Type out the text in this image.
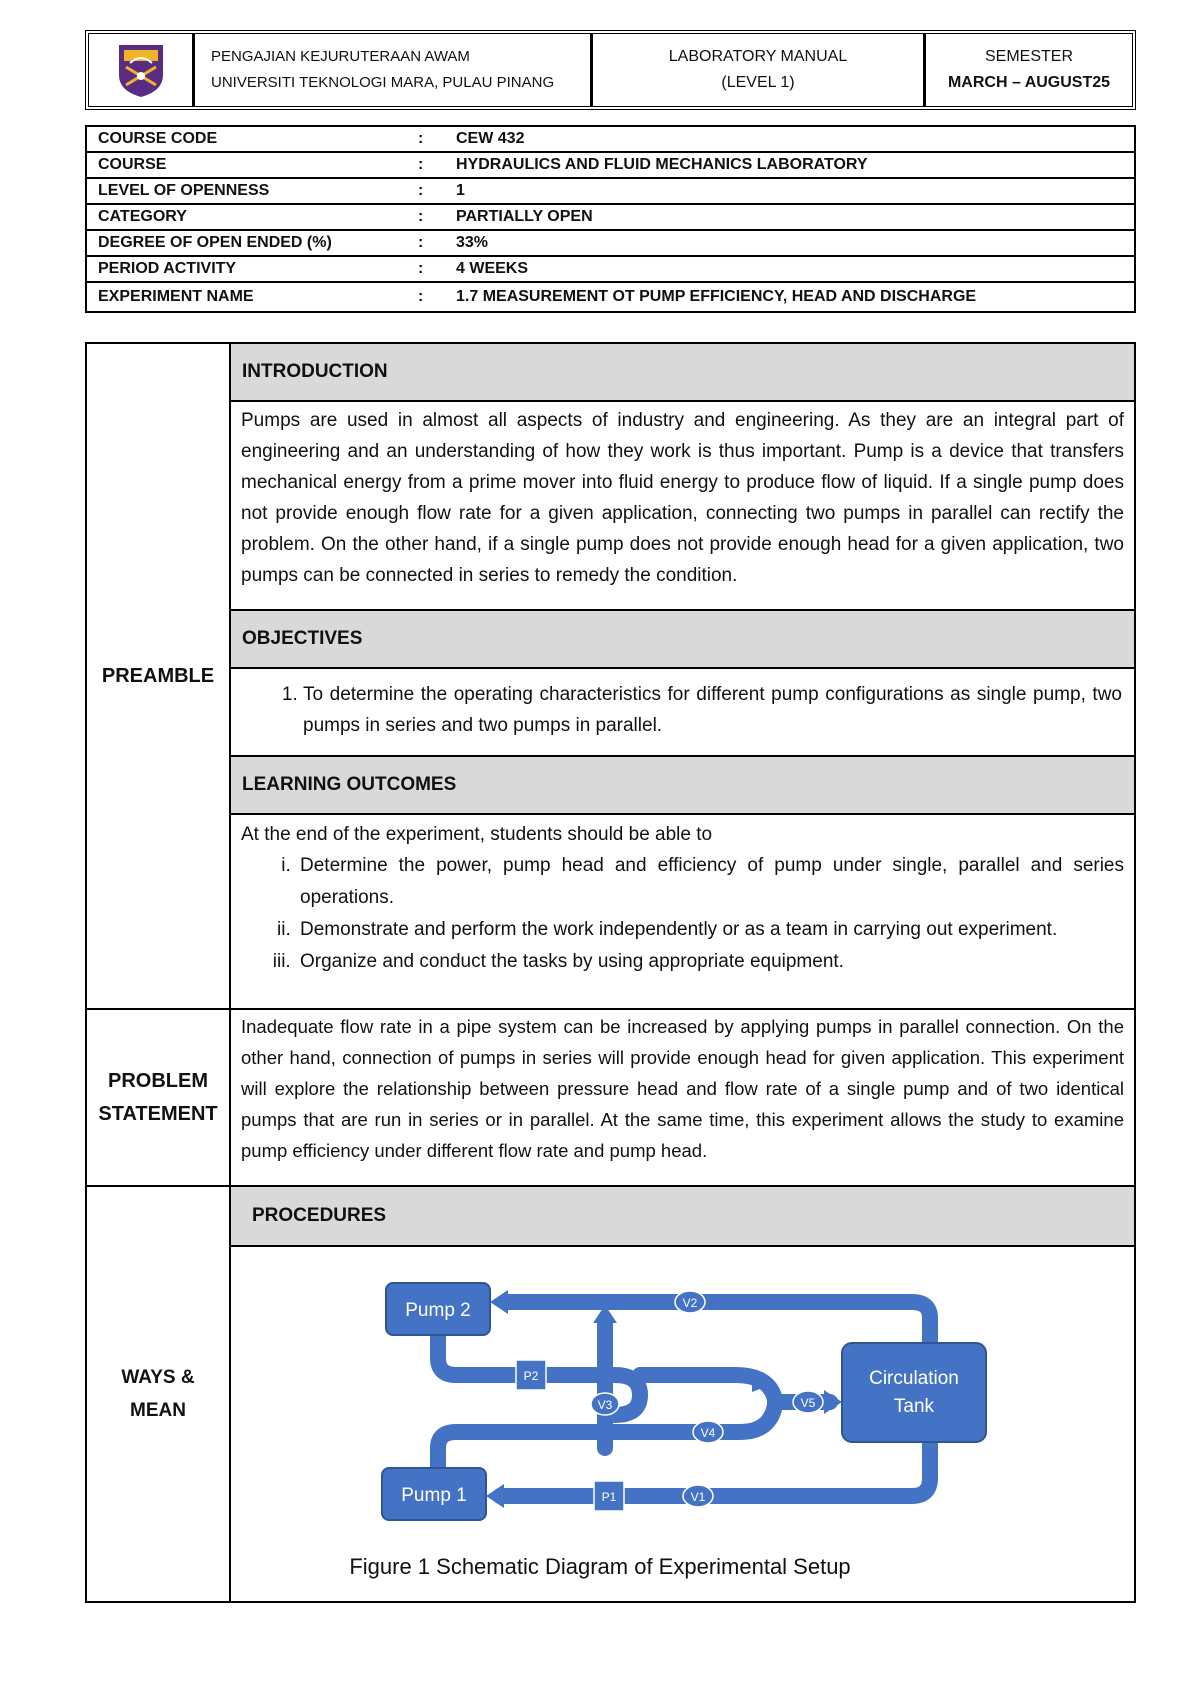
PENGAJIAN KEJURUTERAAN AWAM
UNIVERSITI TEKNOLOGI MARA, PULAU PINANG
LABORATORY MANUAL
(LEVEL 1)
SEMESTER
MARCH – AUGUST25
COURSE CODE	:	CEW 432
COURSE	:	HYDRAULICS AND FLUID MECHANICS LABORATORY
LEVEL OF OPENNESS	:	1
CATEGORY	:	PARTIALLY OPEN
DEGREE OF OPEN ENDED (%)	:	33%
PERIOD ACTIVITY	:	4 WEEKS
EXPERIMENT NAME	:	1.7 MEASUREMENT OT PUMP EFFICIENCY, HEAD AND DISCHARGE
PREAMBLE
INTRODUCTION
Pumps are used in almost all aspects of industry and engineering. As they are an integral part of engineering and an understanding of how they work is thus important. Pump is a device that transfers mechanical energy from a prime mover into fluid energy to produce flow of liquid. If a single pump does not provide enough flow rate for a given application, connecting two pumps in parallel can rectify the problem. On the other hand, if a single pump does not provide enough head for a given application, two pumps can be connected in series to remedy the condition.
OBJECTIVES
1. To determine the operating characteristics for different pump configurations as single pump, two pumps in series and two pumps in parallel.
LEARNING OUTCOMES
At the end of the experiment, students should be able to
i. Determine the power, pump head and efficiency of pump under single, parallel and series operations.
ii. Demonstrate and perform the work independently or as a team in carrying out experiment.
iii. Organize and conduct the tasks by using appropriate equipment.
PROBLEM
STATEMENT
Inadequate flow rate in a pipe system can be increased by applying pumps in parallel connection. On the other hand, connection of pumps in series will provide enough head for given application. This experiment will explore the relationship between pressure head and flow rate of a single pump and of two identical pumps that are run in series or in parallel. At the same time, this experiment allows the study to examine pump efficiency under different flow rate and pump head.
WAYS &
MEAN
PROCEDURES
Pump 2
Pump 1
Circulation
Tank
P2
P1
V2
V3
V4
V5
V1
Figure 1 Schematic Diagram of Experimental Setup
